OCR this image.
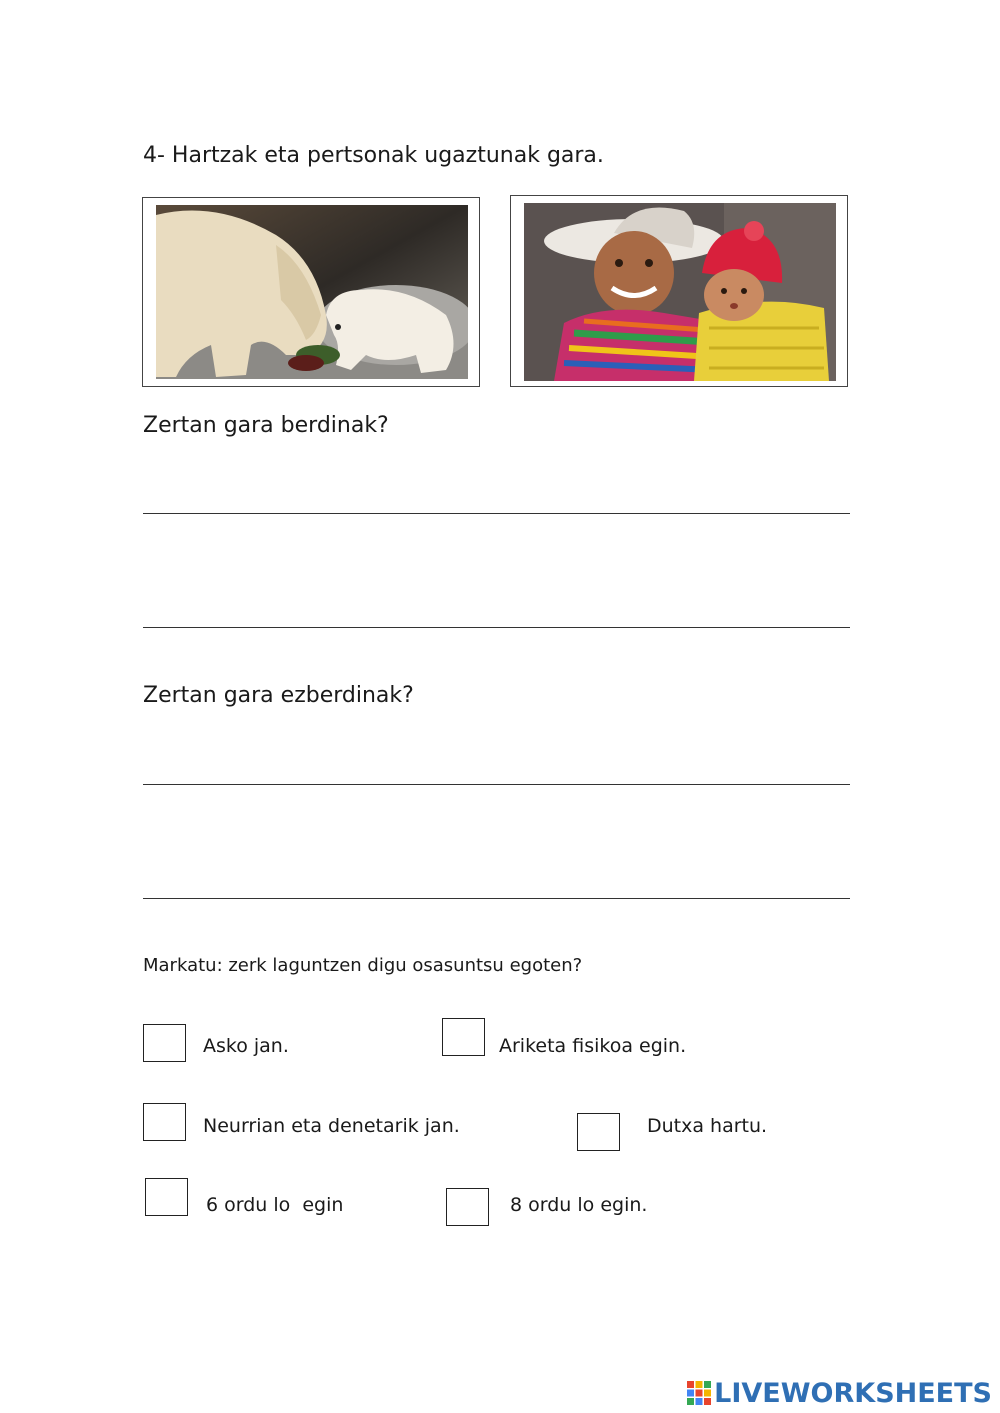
4- Hartzak eta pertsonak ugaztunak gara.
Zertan gara berdinak?
Zertan gara ezberdinak?
Markatu: zerk laguntzen digu osasuntsu egoten?
Asko jan.	Ariketa fisikoa egin.
Neurrian eta denetarik jan.	Dutxa hartu.
6 ordu lo  egin	8 ordu lo egin.
LIVEWORKSHEETS
